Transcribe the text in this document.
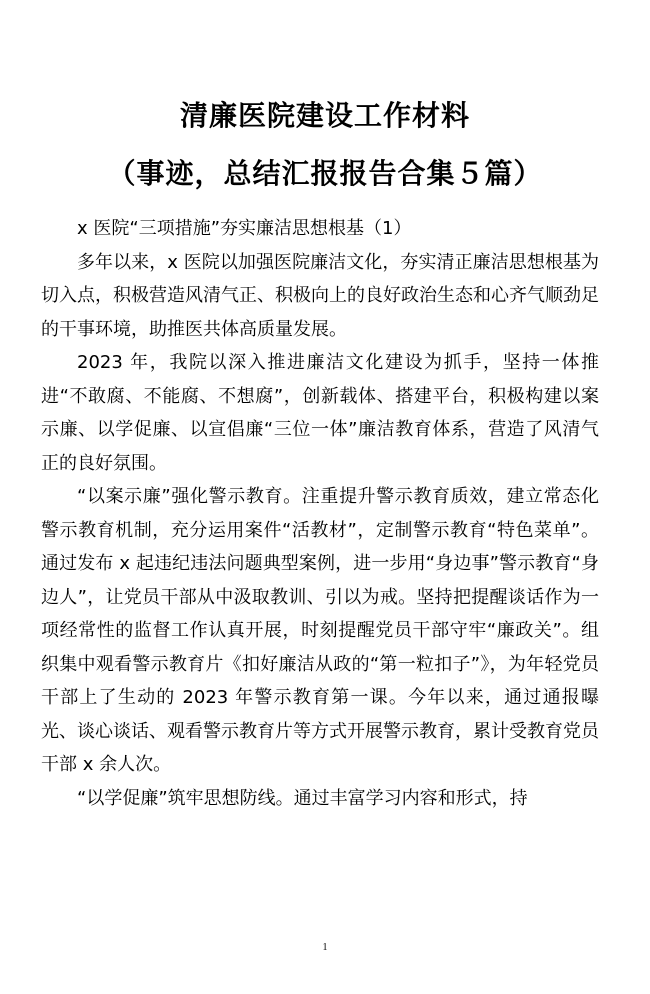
清廉医院建设工作材料
（事迹，总结汇报报告合集５篇）

x 医院“三项措施”夯实廉洁思想根基（1）

多年以来，x 医院以加强医院廉洁文化，夯实清正廉洁思想根基为切入点，积极营造风清气正、积极向上的良好政治生态和心齐气顺劲足的干事环境，助推医共体高质量发展。

2023 年，我院以深入推进廉洁文化建设为抓手，坚持一体推进“不敢腐、不能腐、不想腐”，创新载体、搭建平台，积极构建以案示廉、以学促廉、以宣倡廉“三位一体”廉洁教育体系，营造了风清气正的良好氛围。

“以案示廉”强化警示教育。注重提升警示教育质效，建立常态化警示教育机制，充分运用案件“活教材”，定制警示教育“特色菜单”。通过发布 x 起违纪违法问题典型案例，进一步用“身边事”警示教育“身边人”，让党员干部从中汲取教训、引以为戒。坚持把提醒谈话作为一项经常性的监督工作认真开展，时刻提醒党员干部守牢“廉政关”。组织集中观看警示教育片《扣好廉洁从政的“第一粒扣子”》，为年轻党员干部上了生动的 2023 年警示教育第一课。今年以来，通过通报曝光、谈心谈话、观看警示教育片等方式开展警示教育，累计受教育党员干部 x 余人次。

“以学促廉”筑牢思想防线。通过丰富学习内容和形式，持

1
